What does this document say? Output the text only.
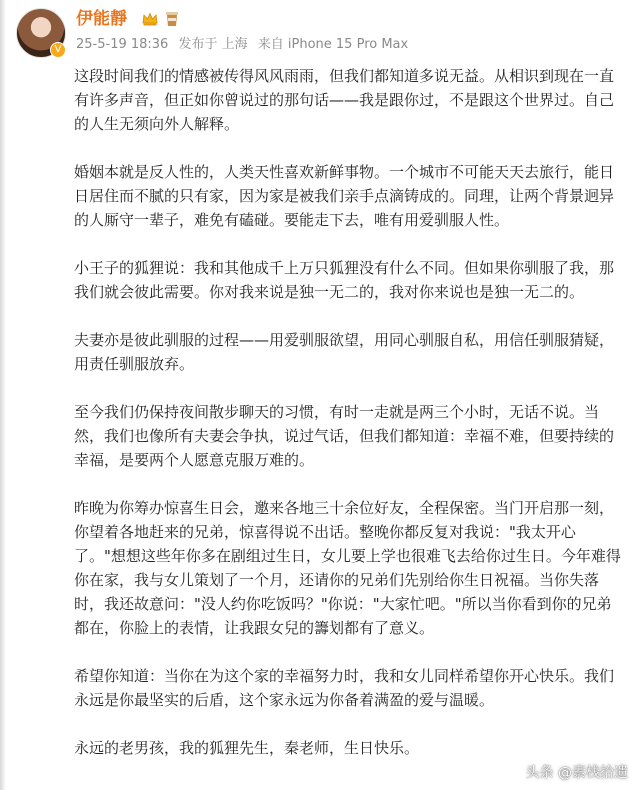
V
伊能靜
25-5-19 18:36 发布于 上海 来自 iPhone 15 Pro Max

这段时间我们的情感被传得风风雨雨，但我们都知道多说无益。从相识到现在一直有许多声音，但正如你曾说过的那句话——我是跟你过，不是跟这个世界过。自己的人生无须向外人解释。

婚姻本就是反人性的，人类天性喜欢新鲜事物。一个城市不可能天天去旅行，能日日居住而不腻的只有家，因为家是被我们亲手点滴铸成的。同理，让两个背景迥异的人厮守一辈子，难免有磕碰。要能走下去，唯有用爱驯服人性。

小王子的狐狸说：我和其他成千上万只狐狸没有什么不同。但如果你驯服了我，那我们就会彼此需要。你对我来说是独一无二的，我对你来说也是独一无二的。

夫妻亦是彼此驯服的过程——用爱驯服欲望，用同心驯服自私，用信任驯服猜疑，用责任驯服放弃。

至今我们仍保持夜间散步聊天的习惯，有时一走就是两三个小时，无话不说。当然，我们也像所有夫妻会争执，说过气话，但我们都知道：幸福不难，但要持续的幸福，是要两个人愿意克服万难的。

昨晚为你筹办惊喜生日会，邀来各地三十余位好友，全程保密。当门开启那一刻，你望着各地赶来的兄弟，惊喜得说不出话。整晚你都反复对我说："我太开心了。"想想这些年你多在剧组过生日，女儿要上学也很难飞去给你过生日。今年难得你在家，我与女儿策划了一个月，还请你的兄弟们先别给你生日祝福。当你失落时，我还故意问："没人约你吃饭吗？"你说："大家忙吧。"所以当你看到你的兄弟都在，你脸上的表情，让我跟女兒的籌划都有了意义。

希望你知道：当你在为这个家的幸福努力时，我和女儿同样希望你开心快乐。我们永远是你最坚实的后盾，这个家永远为你备着满盈的爱与温暖。

永远的老男孩，我的狐狸先生，秦老师，生日快乐。

头条 @素栈拾遗
